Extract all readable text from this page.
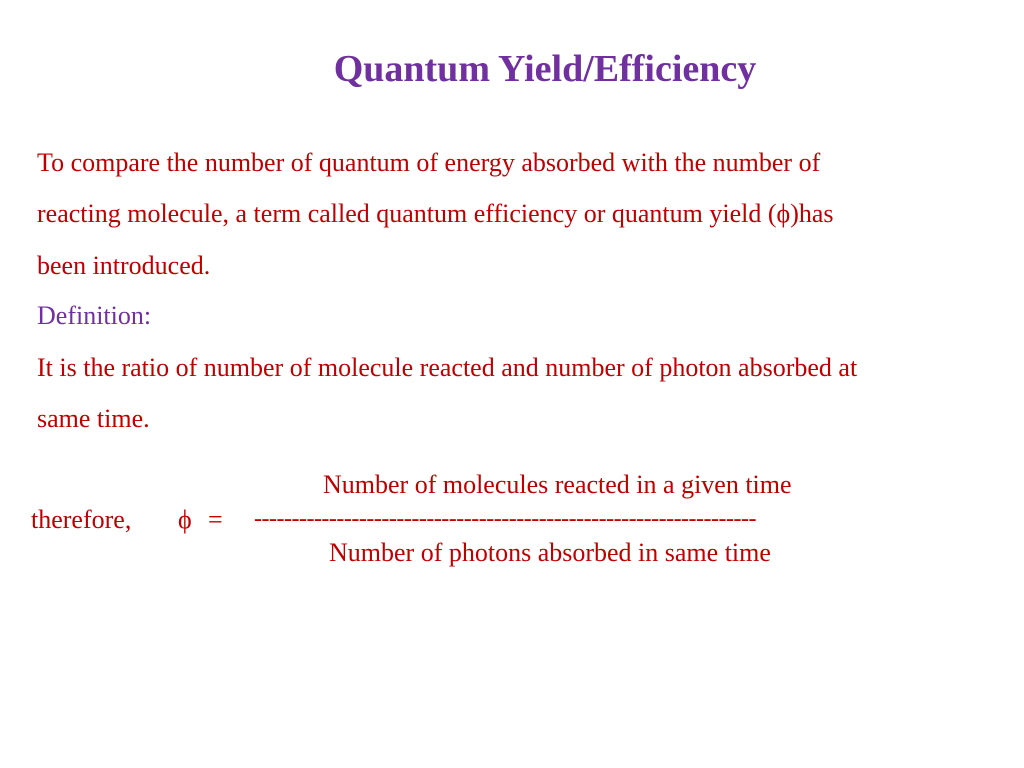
Quantum Yield/Efficiency
To compare the number of quantum of energy absorbed with the number of
reacting molecule, a term called quantum efficiency or quantum yield (ϕ)has
been introduced.
Definition:
It is the ratio of number of molecule reacted and number of photon absorbed at
same time.
Number of molecules reacted in a given time
therefore, ϕ = -------------------------------------------------------------------
Number of photons absorbed in same time
